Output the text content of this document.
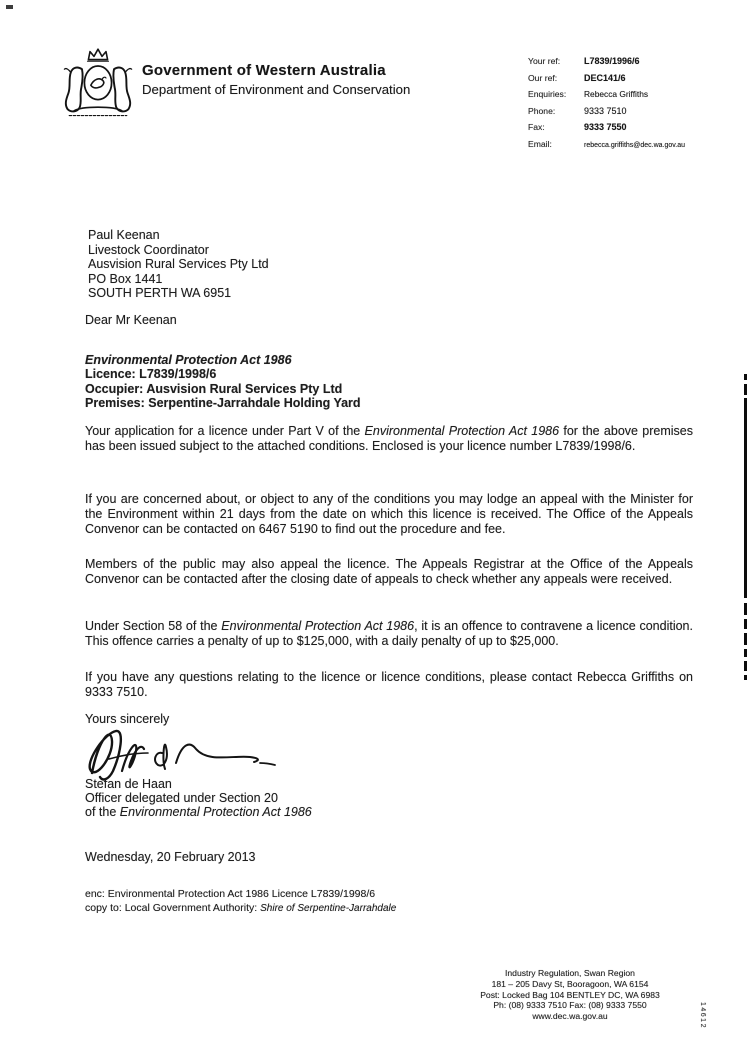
Government of Western Australia
Department of Environment and Conservation
Your ref:	L7839/1996/6
Our ref:	DEC141/6
Enquiries:	Rebecca Griffiths
Phone:	9333 7510
Fax:	9333 7550
Email:	rebecca.griffiths@dec.wa.gov.au
Paul Keenan
Livestock Coordinator
Ausvision Rural Services Pty Ltd
PO Box 1441
SOUTH PERTH WA 6951
Dear Mr Keenan
Environmental Protection Act 1986
Licence: L7839/1998/6
Occupier: Ausvision Rural Services Pty Ltd
Premises: Serpentine-Jarrahdale Holding Yard
Your application for a licence under Part V of the Environmental Protection Act 1986 for the above premises has been issued subject to the attached conditions. Enclosed is your licence number L7839/1998/6.
If you are concerned about, or object to any of the conditions you may lodge an appeal with the Minister for the Environment within 21 days from the date on which this licence is received. The Office of the Appeals Convenor can be contacted on 6467 5190 to find out the procedure and fee.
Members of the public may also appeal the licence. The Appeals Registrar at the Office of the Appeals Convenor can be contacted after the closing date of appeals to check whether any appeals were received.
Under Section 58 of the Environmental Protection Act 1986, it is an offence to contravene a licence condition. This offence carries a penalty of up to $125,000, with a daily penalty of up to $25,000.
If you have any questions relating to the licence or licence conditions, please contact Rebecca Griffiths on 9333 7510.
Yours sincerely
Stefan de Haan
Officer delegated under Section 20
of the Environmental Protection Act 1986
Wednesday, 20 February 2013
enc: Environmental Protection Act 1986 Licence L7839/1998/6
copy to: Local Government Authority: Shire of Serpentine-Jarrahdale
Industry Regulation, Swan Region
181 – 205 Davy St, Booragoon, WA 6154
Post: Locked Bag 104 BENTLEY DC, WA 6983
Ph: (08) 9333 7510 Fax: (08) 9333 7550
www.dec.wa.gov.au	14612
